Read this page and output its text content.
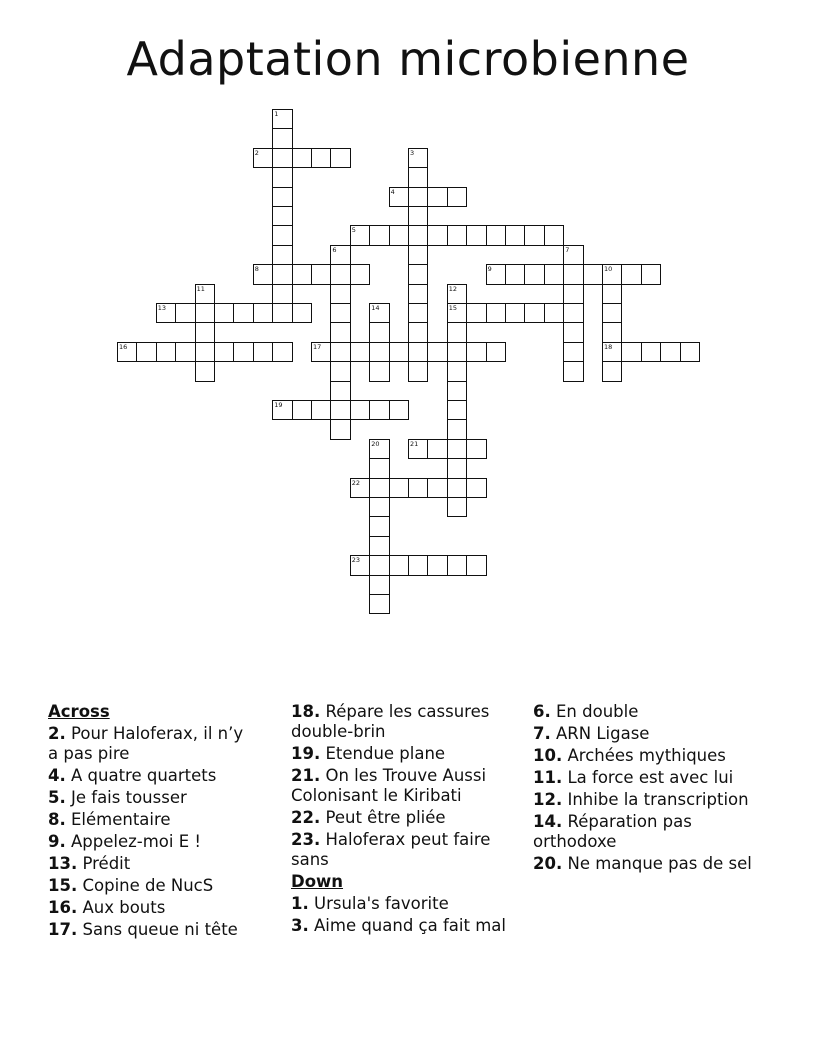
Adaptation microbienne
1
2	3
4
5
6	7
8	9	10
18
11	12
15
13	14
16	17
19
20	21
22
23
Across
2. Pour Haloferax, il n’y a pas pire
4. A quatre quartets
5. Je fais tousser
8. Elémentaire
9. Appelez-moi E !
13. Prédit
15. Copine de NucS
16. Aux bouts
17. Sans queue ni tête
18. Répare les cassures double-brin
19. Etendue plane
21. On les Trouve Aussi Colonisant le Kiribati
22. Peut être pliée
23. Haloferax peut faire sans
Down
1. Ursula's favorite
3. Aime quand ça fait mal
6. En double
7. ARN Ligase
10. Archées mythiques
11. La force est avec lui
12. Inhibe la transcription
14. Réparation pas orthodoxe
20. Ne manque pas de sel
